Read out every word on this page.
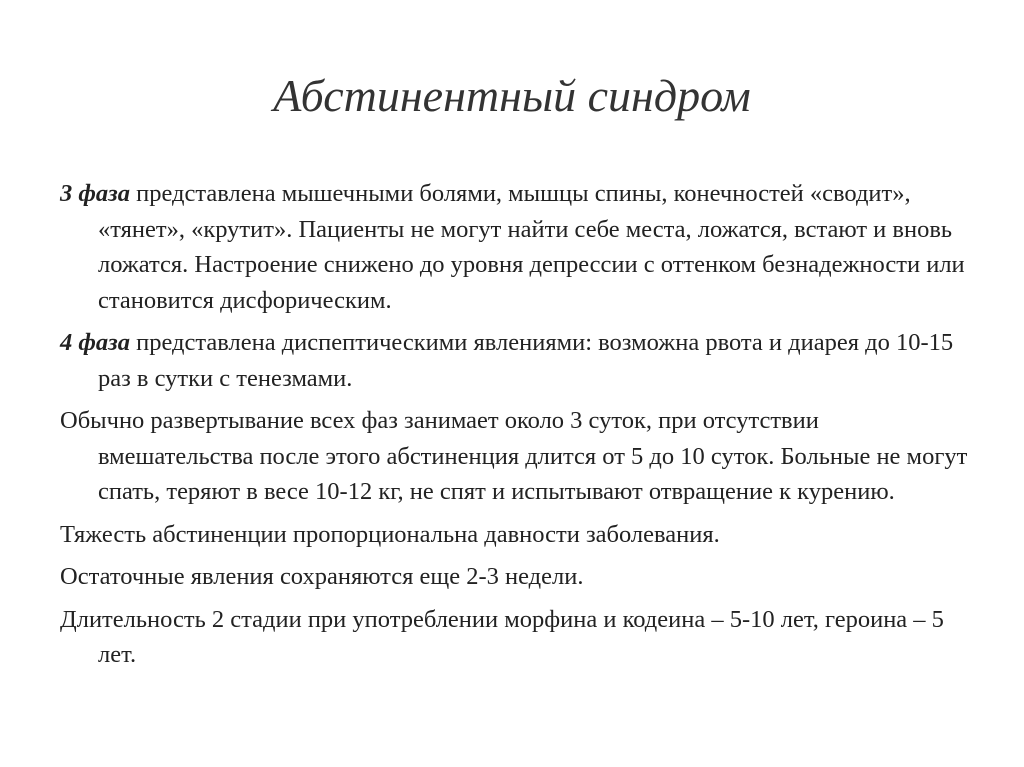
Абстинентный синдром

3 фаза представлена мышечными болями, мышцы спины, конечностей «сводит», «тянет», «крутит». Пациенты не могут найти себе места, ложатся, встают и вновь ложатся. Настроение снижено до уровня депрессии с оттенком безнадежности или становится дисфорическим.

4 фаза представлена диспептическими явлениями: возможна рвота и диарея до 10-15 раз в сутки с тенезмами.

Обычно развертывание всех фаз занимает около 3 суток, при отсутствии вмешательства после этого абстиненция длится от 5 до 10 суток. Больные не могут спать, теряют в весе 10-12 кг, не спят и испытывают отвращение к курению.

Тяжесть абстиненции пропорциональна давности заболевания.

Остаточные явления сохраняются еще 2-3 недели.

Длительность 2 стадии при употреблении морфина и кодеина – 5-10 лет, героина – 5 лет.
